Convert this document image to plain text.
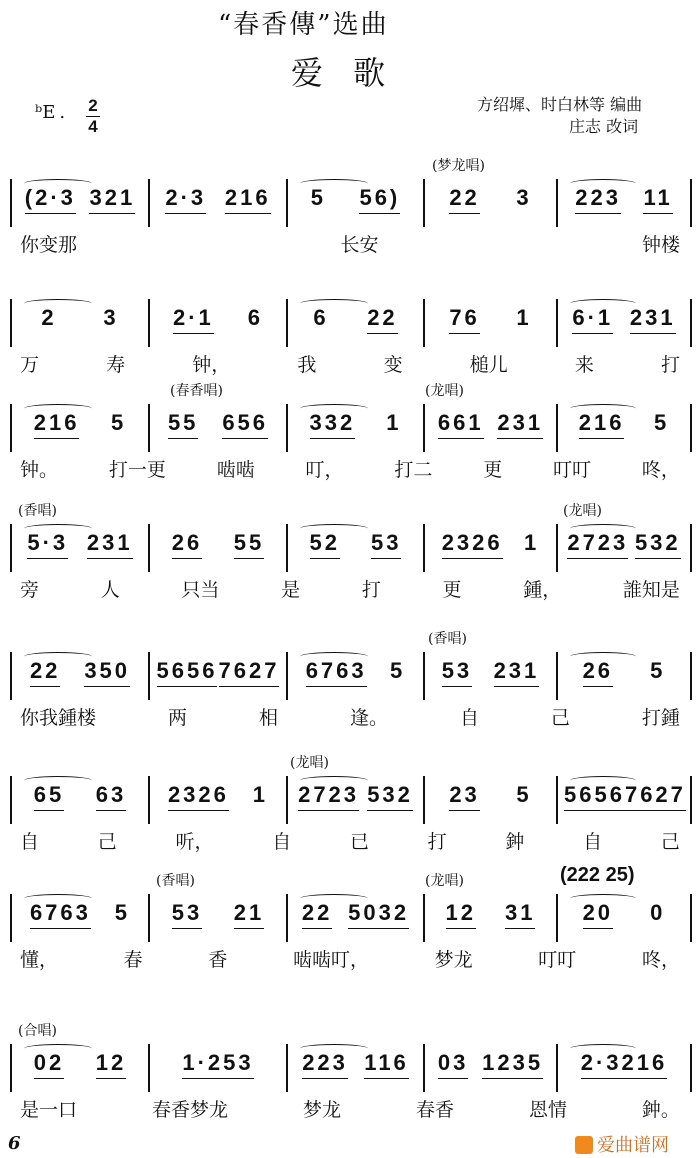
“春香傳”选曲
爱 歌
ᵇE . 2
4
方绍墀、时白林等 编曲
庄志 改词
(梦龙唱)
(2·3 321 2·3 216 5 56) 22 3 223 11
你变那	长安	钟楼
2 3 2·1 6 6 22 76 1 6·1 231
万	寿	钟，	我	变	槌儿	来	打
(春香唱)	(龙唱)
216 5 55 656 332 1 661 231 216 5
钟。	打一更	啮啮	叮，	打二	更	叮叮	咚，
(香唱)	(龙唱)
5·3 231 26 55 52 53 2326 1 2723 532
旁	人	只当	是	打	更	鍾，	誰知是
(香唱)
22 350 5656 7627 6763 5 53 231 26 5
你我鍾楼	两	相	逢。	自	己	打鍾
(龙唱)
65 63 2326 1 2723 532 23 5 5656 7627
自	己	听，	自	已	打	鈡	自	己
(香唱)	(龙唱)	(222 25)
6763 5 53 21 22 5032 12 31 20 0
懂，	春	香	啮啮叮，	梦龙	叮叮	咚，
(合唱)
02 12	1·253 223 116 03 1235 2·3216
是一口	春香梦龙	梦龙	春香	恩情	鈡。
6	爱曲谱网
